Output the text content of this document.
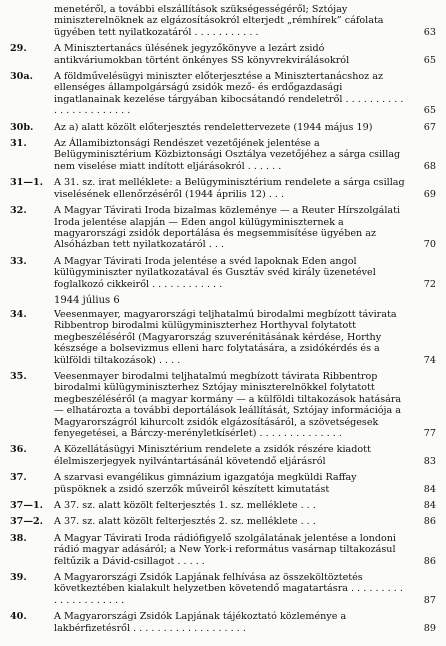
menetéről, a további elszállítások szükségességéről; Sztójay miniszterelnöknek az elgázosításokról elterjedt „rémhírek” cáfolata ügyében tett nyilatkozatáról . . . . . . . . . . .	63
29.	A Minisztertanács ülésének jegyzőkönyve a lezárt zsidó antikváriumokban történt önkényes SS könyvrekvirálásokról	65
30a.	A földművelésügyi miniszter előterjesztése a Minisztertanácshoz az ellenséges állampolgárságú zsidók mező- és erdőgazdasági ingatlanainak kezelése tárgyában kibocsátandó rendeletről . . . . . . . . . . . . . . . . . . . . . . .	65
30b.	Az a) alatt közölt előterjesztés rendelettervezete (1944 május 19)	67
31.	Az Államibiztonsági Rendészet vezetőjének jelentése a Belügyminisztérium Közbiztonsági Osztálya vezetőjéhez a sárga csillag nem viselése miatt indított eljárásokról . . . . . .	68
31—1.	A 31. sz. irat melléklete: a Belügyminisztérium rendelete a sárga csillag viselésének ellenőrzéséről (1944 április 12) . . .	69
32.	A Magyar Távirati Iroda bizalmas közleménye — a Reuter Hírszolgálati Iroda jelentése alapján — Eden angol külügyminiszternek a magyarországi zsidók deportálása és megsemmisítése ügyében az Alsóházban tett nyilatkozatáról . . .	70
33.	A Magyar Távirati Iroda jelentése a svéd lapoknak Eden angol külügyminiszter nyilatkozatával és Gusztáv svéd király üzenetével foglalkozó cikkeiről . . . . . . . . . . . .	72
1944 július 6
34.	Veesenmayer, magyarországi teljhatalmú birodalmi megbízott távirata Ribbentrop birodalmi külügyminiszterhez Horthyval folytatott megbeszéléséről (Magyarország szuverénitásának kérdése, Horthy készsége a bolsevizmus elleni harc folytatására, a zsidókérdés és a külföldi tiltakozások) . . . .	74
35.	Veesenmayer birodalmi teljhatalmú megbízott távirata Ribbentrop birodalmi külügyminiszterhez Sztójay miniszterelnökkel folytatott megbeszéléséről (a magyar kormány — a külföldi tiltakozások hatására — elhatározta a további deportálások leállítását, Sztójay információja a Magyarországról kihurcolt zsidók elgázosításáról, a szövetségesek fenyegetései, a Bárczy-merényletkísérlet) . . . . . . . . . . . . . .	77
36.	A Közellátásügyi Minisztérium rendelete a zsidók részére kiadott élelmiszerjegyek nyilvántartásánál követendő eljárásról	83
37.	A szarvasi evangélikus gimnázium igazgatója megküldi Raffay püspöknek a zsidó szerzők műveiről készített kimutatást	84
37—1.	A 37. sz. alatt közölt felterjesztés 1. sz. melléklete . . .	84
37—2.	A 37. sz. alatt közölt felterjesztés 2. sz. melléklete . . .	86
38.	A Magyar Távirati Iroda rádiófigyelő szolgálatának jelentése a londoni rádió magyar adásáról; a New York-i református vasárnap tiltakozásul feltűzik a Dávid-csillagot . . . . .	86
39.	A Magyarországi Zsidók Lapjának felhívása az összeköltöztetés következtében kialakult helyzetben követendő magatartásra . . . . . . . . . . . . . . . . . . . . .	87
40.	A Magyarországi Zsidók Lapjának tájékoztató közleménye a lakbérfizetésről . . . . . . . . . . . . . . . . . . .	89
